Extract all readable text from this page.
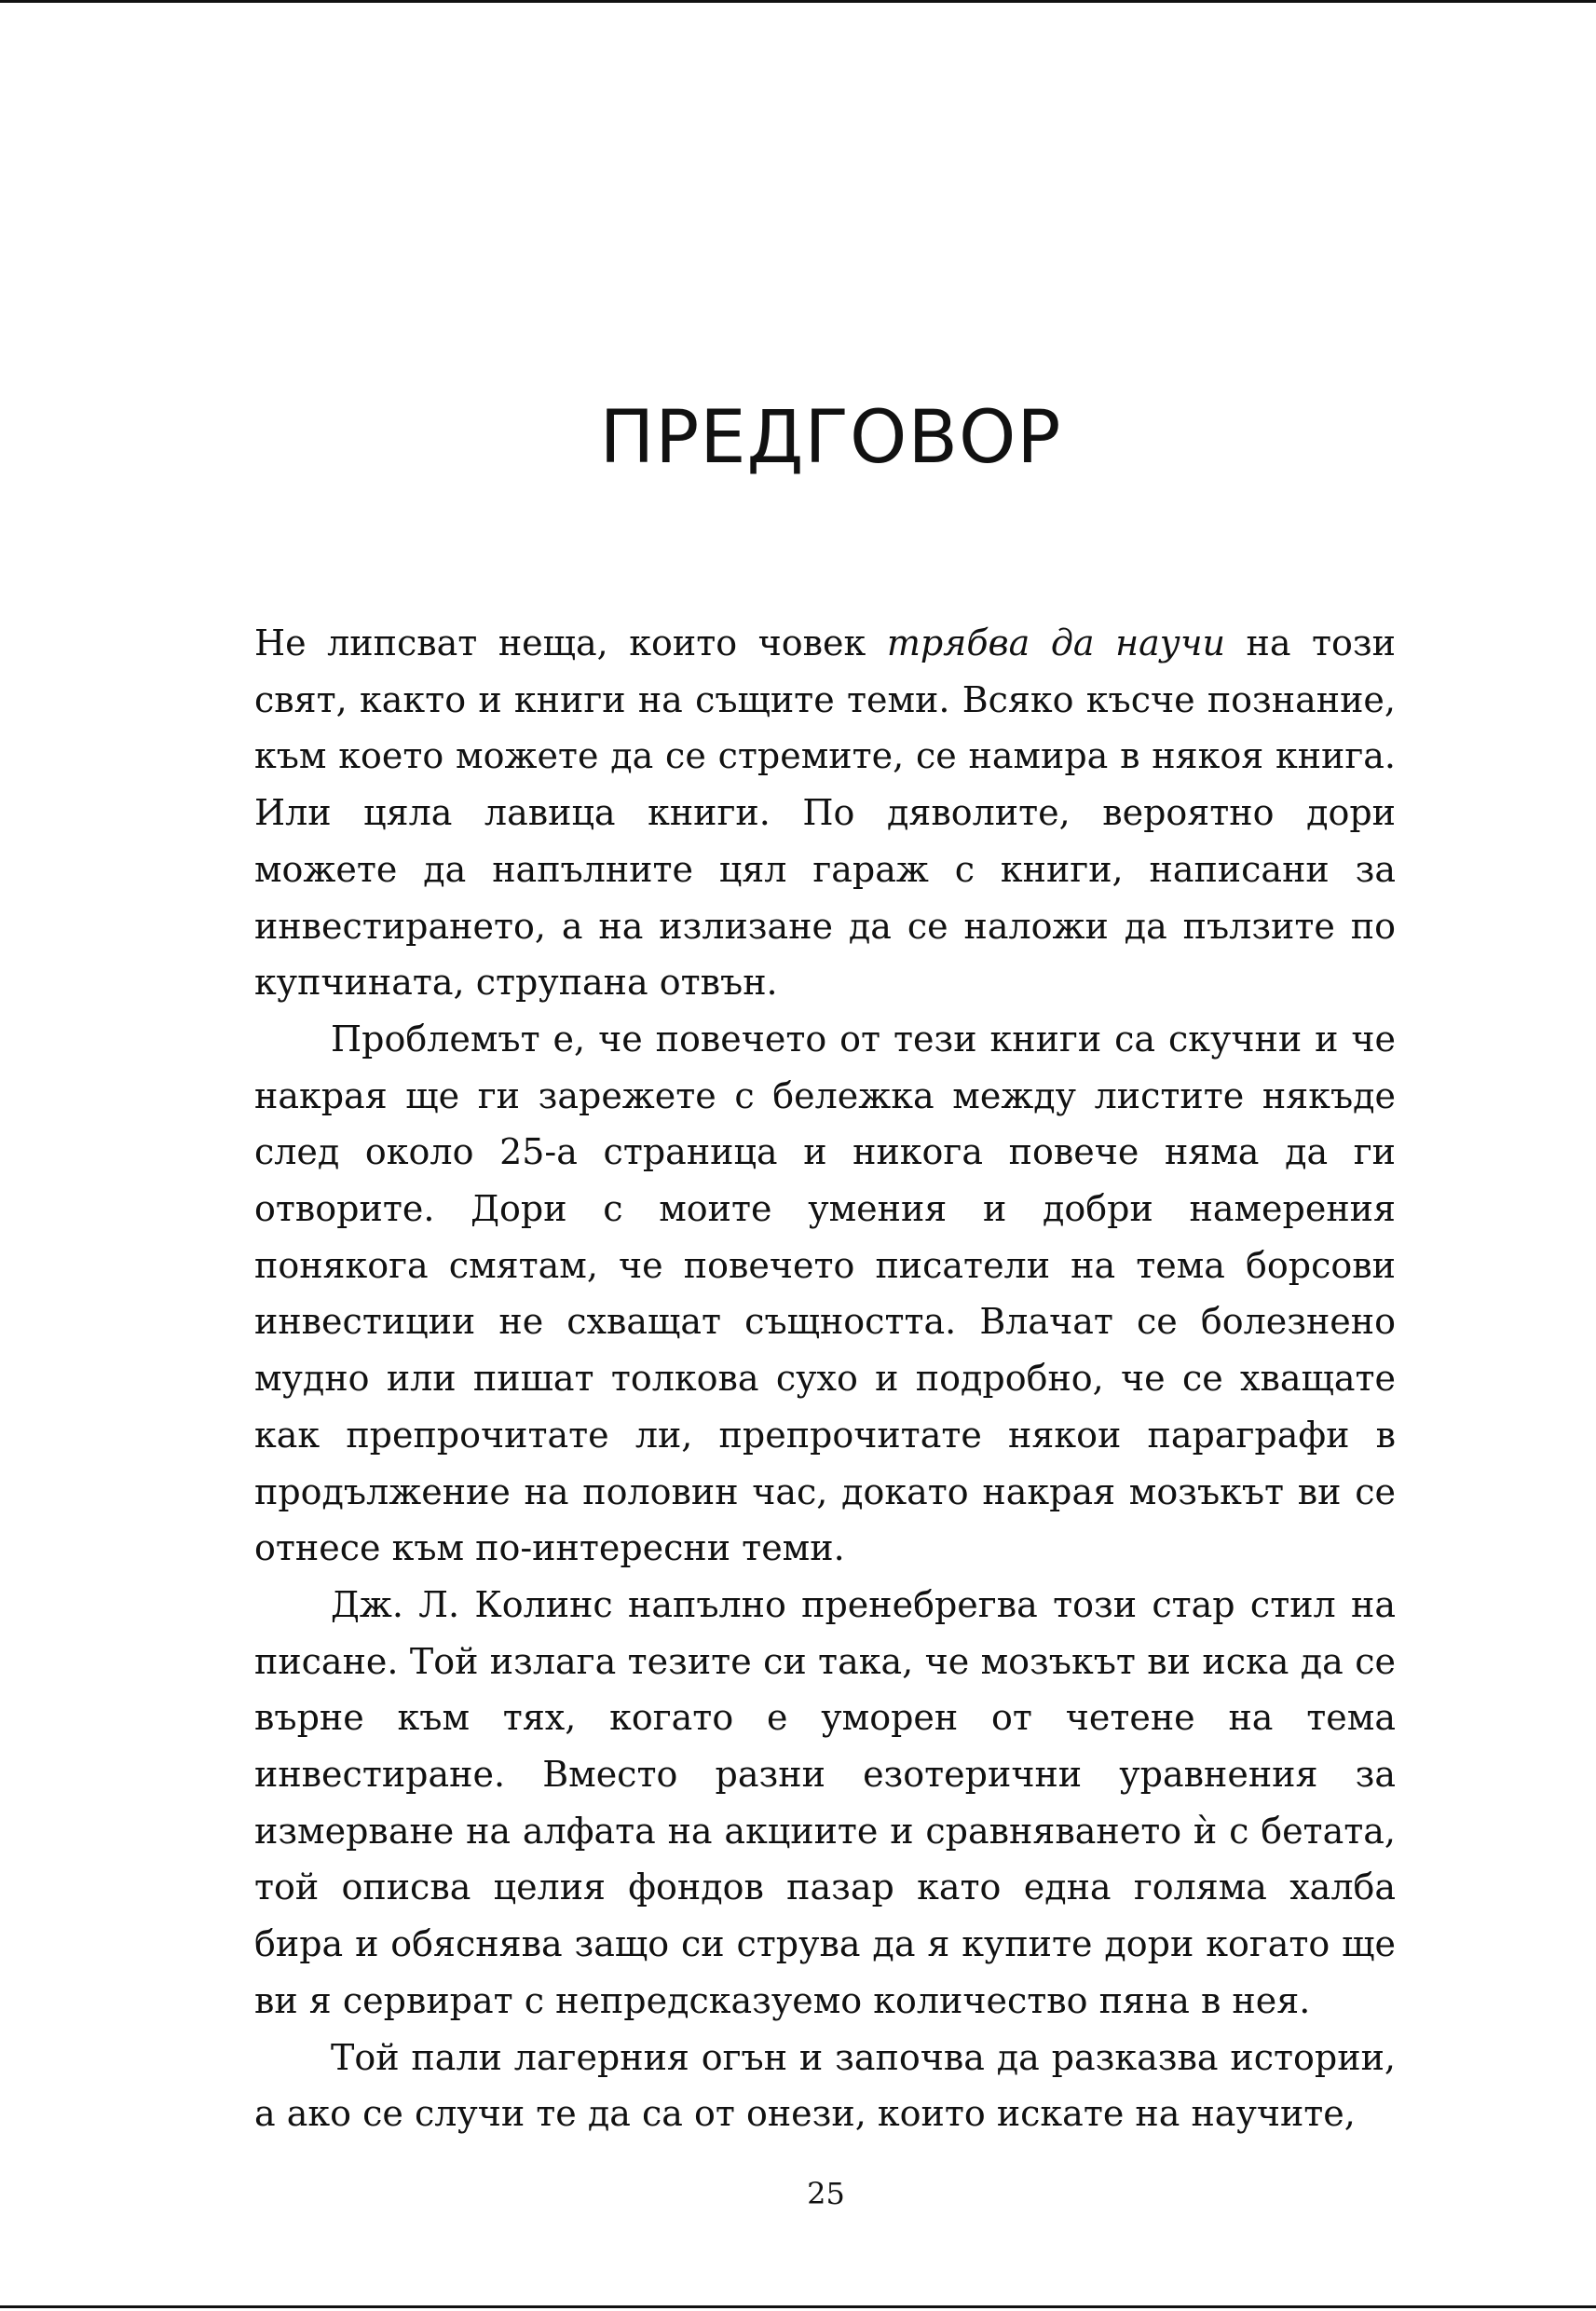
ПРЕДГОВОР

Не липсват неща, които човек трябва да научи на този свят, както и книги на същите теми. Всяко късче познание, към което можете да се стремите, се намира в някоя книга. Или цяла лавица книги. По дяволите, вероятно дори можете да напълните цял гараж с книги, написани за инвестирането, а на излизане да се наложи да пълзите по купчината, струпана отвън.

Проблемът е, че повечето от тези книги са скучни и че накрая ще ги зарежете с бележка между листите някъде след около 25-а страница и никога повече няма да ги отворите. Дори с моите умения и добри намерения понякога смятам, че повечето писатели на тема борсови инвестиции не схващат същността. Влачат се болезнено мудно или пишат толкова сухо и подробно, че се хващате как препрочитате ли, препрочитате някои параграфи в продължение на половин час, докато накрая мозъкът ви се отнесе към по-интересни теми.

Дж. Л. Колинс напълно пренебрегва този стар стил на писане. Той излага тезите си така, че мозъкът ви иска да се върне към тях, когато е уморен от четене на тема инвестиране. Вместо разни езотерични уравнения за измерване на алфата на акциите и сравняването ѝ с бетата, той описва целия фондов пазар като една голяма халба бира и обяснява защо си струва да я купите дори когато ще ви я сервират с непредсказуемо количество пяна в нея.

Той пали лагерния огън и започва да разказва истории, а ако се случи те да са от онези, които искате на научите,

25
